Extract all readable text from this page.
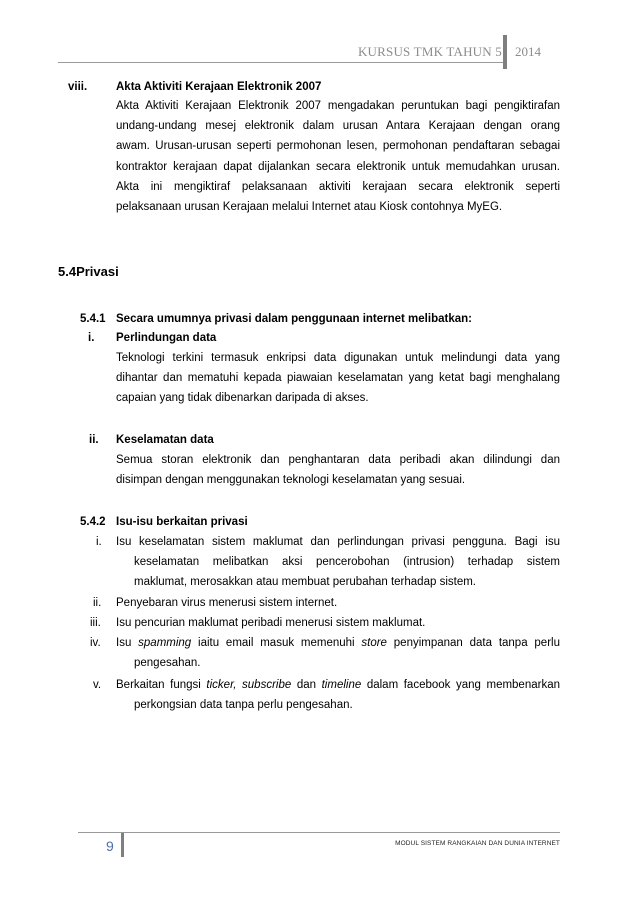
KURSUS TMK TAHUN 5 2014
viii.	Akta Aktiviti Kerajaan Elektronik 2007
Akta Aktiviti Kerajaan Elektronik 2007 mengadakan peruntukan bagi pengiktirafan
undang-undang mesej elektronik dalam urusan Antara Kerajaan dengan orang
awam. Urusan-urusan seperti permohonan lesen, permohonan pendaftaran sebagai
kontraktor kerajaan dapat dijalankan secara elektronik untuk memudahkan urusan.
Akta ini mengiktiraf pelaksanaan aktiviti kerajaan secara elektronik seperti
pelaksanaan urusan Kerajaan melalui Internet atau Kiosk contohnya MyEG.
5.4Privasi
5.4.1 Secara umumnya privasi dalam penggunaan internet melibatkan:
i. Perlindungan data
Teknologi terkini termasuk enkripsi data digunakan untuk melindungi data yang
dihantar dan mematuhi kepada piawaian keselamatan yang ketat bagi menghalang
capaian yang tidak dibenarkan daripada di akses.
ii. Keselamatan data
Semua storan elektronik dan penghantaran data peribadi akan dilindungi dan
disimpan dengan menggunakan teknologi keselamatan yang sesuai.
5.4.2 Isu-isu berkaitan privasi
i. Isu keselamatan sistem maklumat dan perlindungan privasi pengguna. Bagi isu
keselamatan melibatkan aksi pencerobohan (intrusion) terhadap sistem
maklumat, merosakkan atau membuat perubahan terhadap sistem.
ii. Penyebaran virus menerusi sistem internet.
iii. Isu pencurian maklumat peribadi menerusi sistem maklumat.
iv. Isu spamming iaitu email masuk memenuhi store penyimpanan data tanpa perlu
pengesahan.
v. Berkaitan fungsi ticker, subscribe dan timeline dalam facebook yang membenarkan
perkongsian data tanpa perlu pengesahan.
9	MODUL SISTEM RANGKAIAN DAN DUNIA INTERNET
